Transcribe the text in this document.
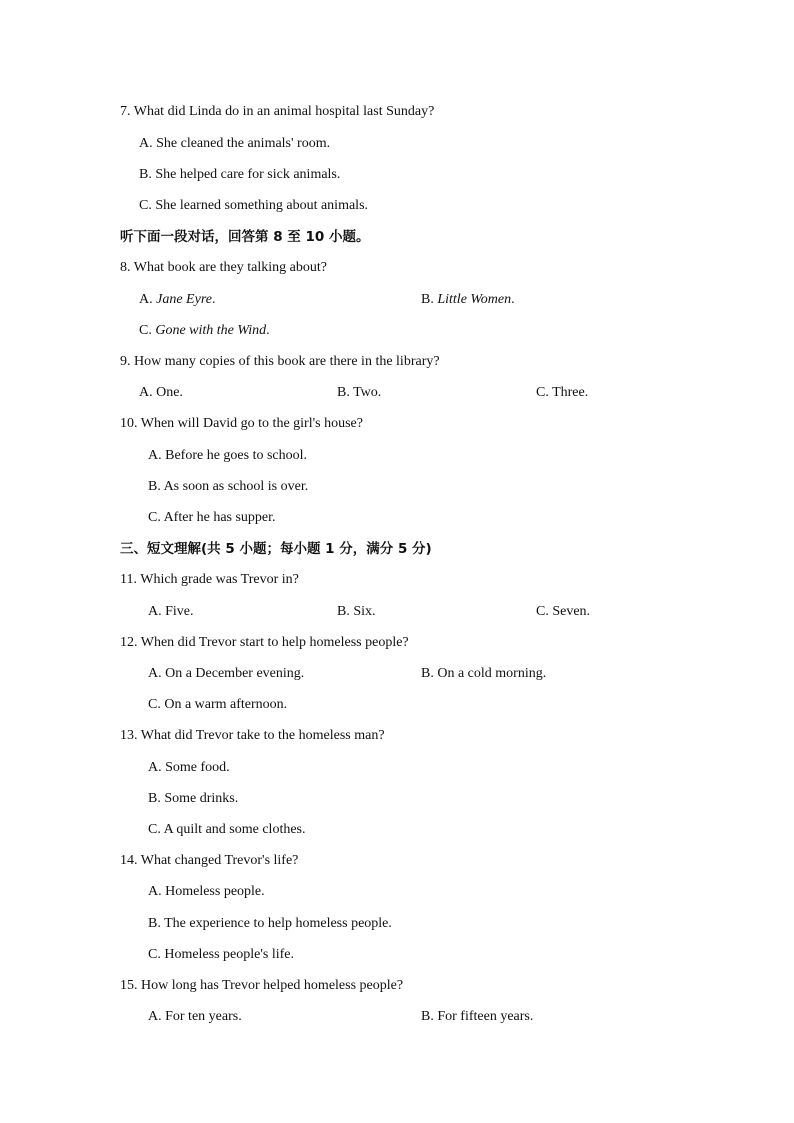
7. What did Linda do in an animal hospital last Sunday?
A. She cleaned the animals' room.
B. She helped care for sick animals.
C. She learned something about animals.
听下面一段对话，回答第 8 至 10 小题。
8. What book are they talking about?
A. Jane Eyre.	B. Little Women.
C. Gone with the Wind.
9. How many copies of this book are there in the library?
A. One.	B. Two.	C. Three.
10. When will David go to the girl's house?
A. Before he goes to school.
B. As soon as school is over.
C. After he has supper.
三、短文理解(共 5 小题；每小题 1 分，满分 5 分)
11. Which grade was Trevor in?
A. Five.	B. Six.	C. Seven.
12. When did Trevor start to help homeless people?
A. On a December evening.	B. On a cold morning.
C. On a warm afternoon.
13. What did Trevor take to the homeless man?
A. Some food.
B. Some drinks.
C. A quilt and some clothes.
14. What changed Trevor's life?
A. Homeless people.
B. The experience to help homeless people.
C. Homeless people's life.
15. How long has Trevor helped homeless people?
A. For ten years.	B. For fifteen years.
